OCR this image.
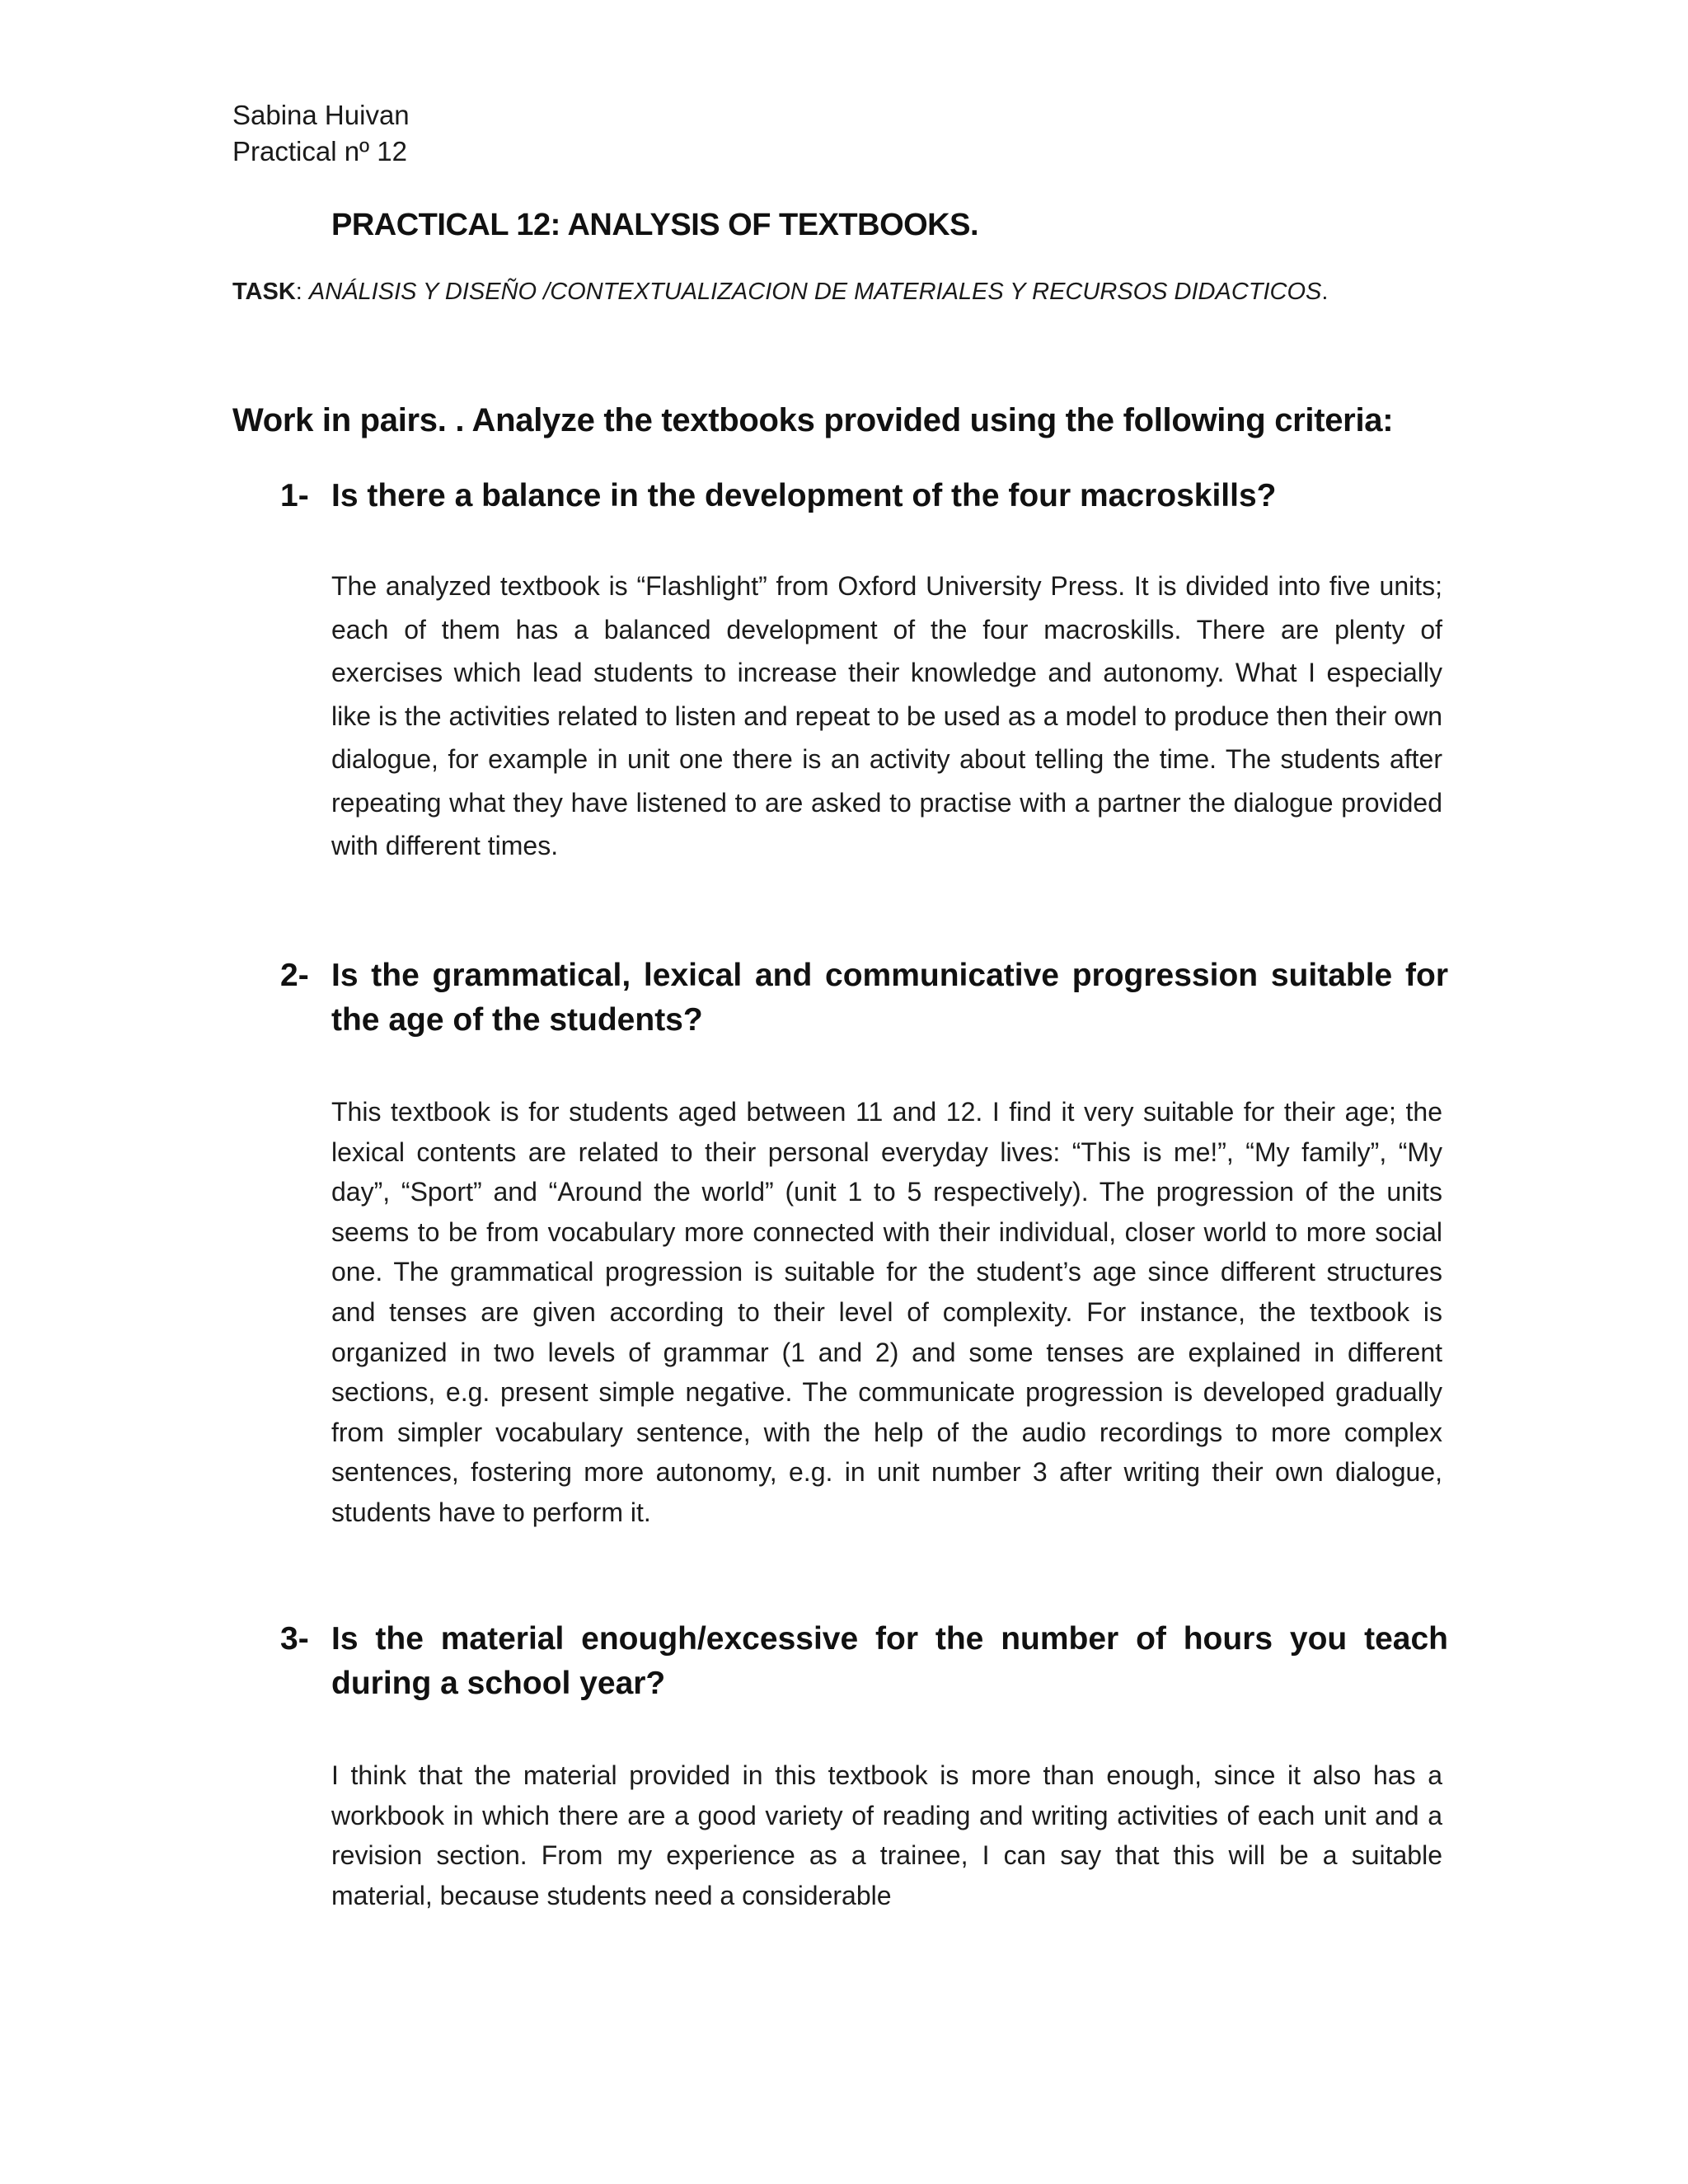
Sabina Huivan
Practical nº 12
PRACTICAL 12: ANALYSIS OF TEXTBOOKS.
TASK: ANÁLISIS Y DISEÑO /CONTEXTUALIZACION DE MATERIALES Y RECURSOS DIDACTICOS.
Work in pairs. . Analyze the textbooks provided using the following criteria:
1- Is there a balance in the development of the four macroskills?
The analyzed textbook is “Flashlight” from Oxford University Press. It is divided into five units; each of them has a balanced development of the four macroskills. There are plenty of exercises which lead students to increase their knowledge and autonomy. What I especially like is the activities related to listen and repeat to be used as a model to produce then their own dialogue, for example in unit one there is an activity about telling the time. The students after repeating what they have listened to are asked to practise with a partner the dialogue provided with different times.
2- Is the grammatical, lexical and communicative progression suitable for the age of the students?
This textbook is for students aged between 11 and 12. I find it very suitable for their age; the lexical contents are related to their personal everyday lives: “This is me!”, “My family”, “My day”, “Sport” and “Around the world” (unit 1 to 5 respectively). The progression of the units seems to be from vocabulary more connected with their individual, closer world to more social one. The grammatical progression is suitable for the student’s age since different structures and tenses are given according to their level of complexity. For instance, the textbook is organized in two levels of grammar (1 and 2) and some tenses are explained in different sections, e.g. present simple negative. The communicate progression is developed gradually from simpler vocabulary sentence, with the help of the audio recordings to more complex sentences, fostering more autonomy, e.g. in unit number 3 after writing their own dialogue, students have to perform it.
3- Is the material enough/excessive for the number of hours you teach during a school year?
I think that the material provided in this textbook is more than enough, since it also has a workbook in which there are a good variety of reading and writing activities of each unit and a revision section. From my experience as a trainee, I can say that this will be a suitable material, because students need a considerable
